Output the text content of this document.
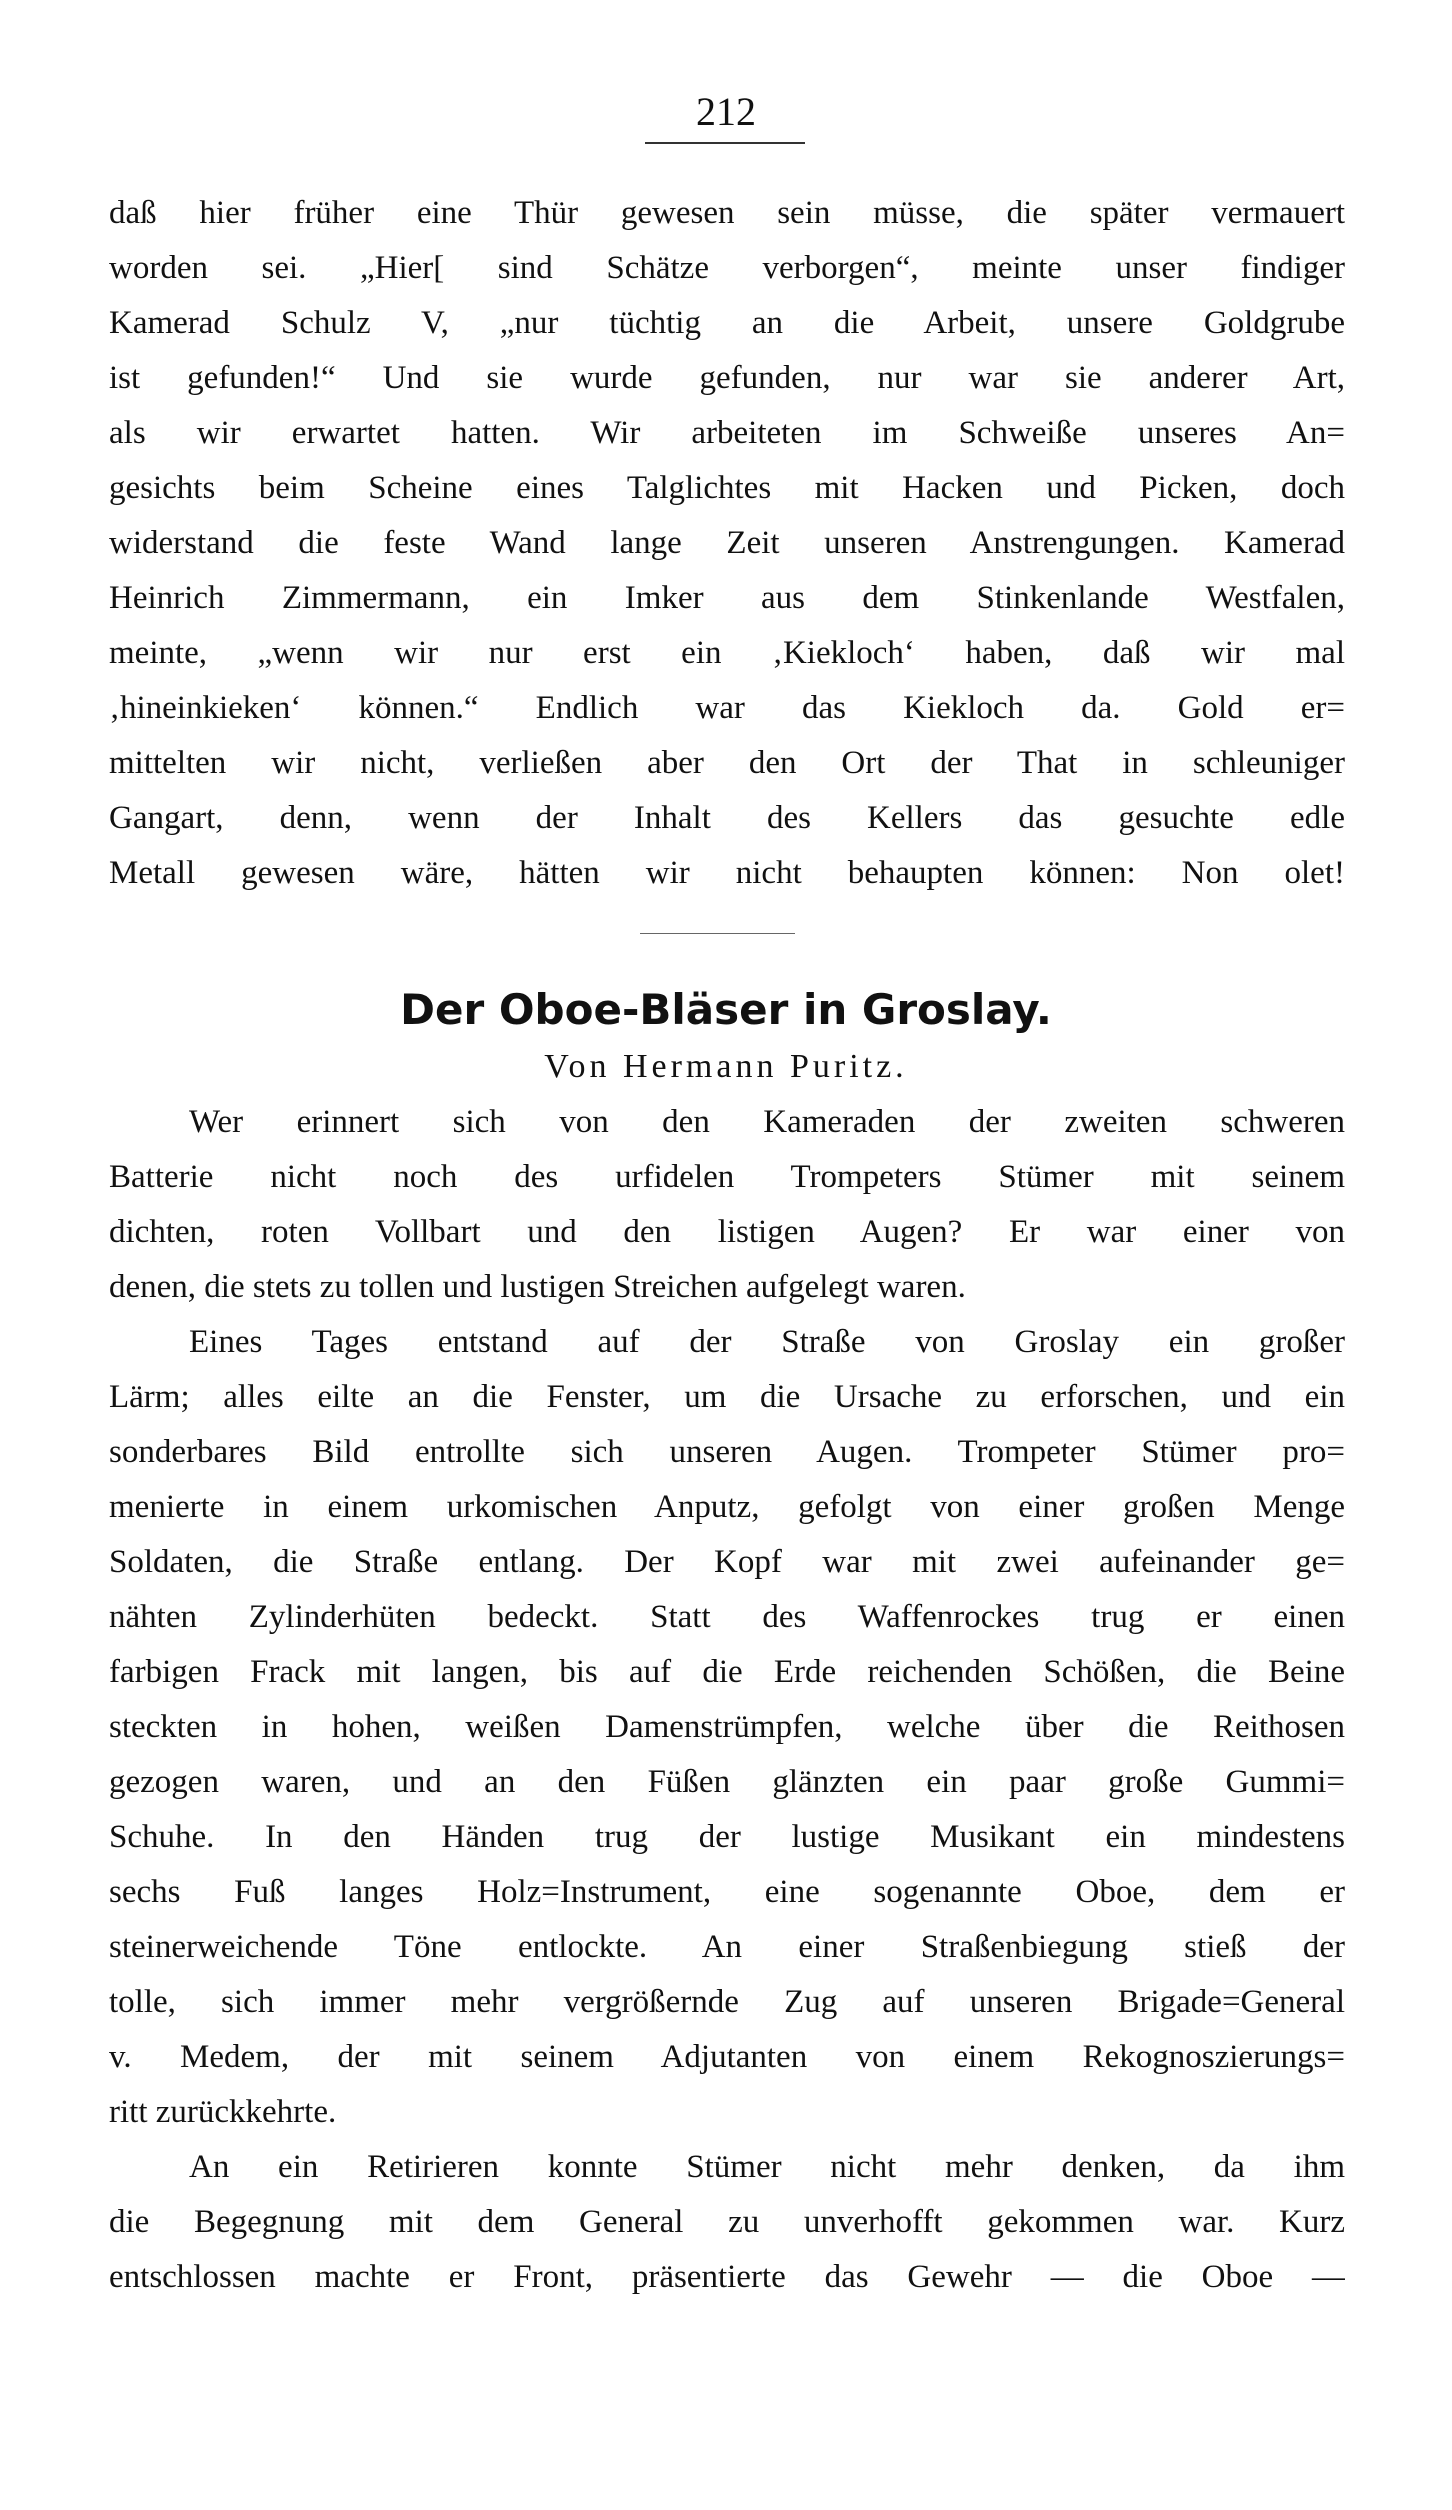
212
daß hier früher eine Thür gewesen sein müsse, die später vermauert
worden sei. „Hier[ sind Schätze verborgen“, meinte unser findiger
Kamerad Schulz V, „nur tüchtig an die Arbeit, unsere Goldgrube
ist gefunden!“ Und sie wurde gefunden, nur war sie anderer Art,
als wir erwartet hatten. Wir arbeiteten im Schweiße unseres An=
gesichts beim Scheine eines Talglichtes mit Hacken und Picken, doch
widerstand die feste Wand lange Zeit unseren Anstrengungen. Kamerad
Heinrich Zimmermann, ein Imker aus dem Stinkenlande Westfalen,
meinte, „wenn wir nur erst ein ‚Kiekloch‘ haben, daß wir mal
‚hineinkieken‘ können.“ Endlich war das Kiekloch da. Gold er=
mittelten wir nicht, verließen aber den Ort der That in schleuniger
Gangart, denn, wenn der Inhalt des Kellers das gesuchte edle
Metall gewesen wäre, hätten wir nicht behaupten können: Non olet!
Der Oboe-Bläser in Groslay.
Von Hermann Puritz.
Wer erinnert sich von den Kameraden der zweiten schweren
Batterie nicht noch des urfidelen Trompeters Stümer mit seinem
dichten, roten Vollbart und den listigen Augen? Er war einer von
denen, die stets zu tollen und lustigen Streichen aufgelegt waren.
Eines Tages entstand auf der Straße von Groslay ein großer
Lärm; alles eilte an die Fenster, um die Ursache zu erforschen, und ein
sonderbares Bild entrollte sich unseren Augen. Trompeter Stümer pro=
menierte in einem urkomischen Anputz, gefolgt von einer großen Menge
Soldaten, die Straße entlang. Der Kopf war mit zwei aufeinander ge=
nähten Zylinderhüten bedeckt. Statt des Waffenrockes trug er einen
farbigen Frack mit langen, bis auf die Erde reichenden Schößen, die Beine
steckten in hohen, weißen Damenstrümpfen, welche über die Reithosen
gezogen waren, und an den Füßen glänzten ein paar große Gummi=
Schuhe. In den Händen trug der lustige Musikant ein mindestens
sechs Fuß langes Holz=Instrument, eine sogenannte Oboe, dem er
steinerweichende Töne entlockte. An einer Straßenbiegung stieß der
tolle, sich immer mehr vergrößernde Zug auf unseren Brigade=General
v. Medem, der mit seinem Adjutanten von einem Rekognoszierungs=
ritt zurückkehrte.
An ein Retirieren konnte Stümer nicht mehr denken, da ihm
die Begegnung mit dem General zu unverhofft gekommen war. Kurz
entschlossen machte er Front, präsentierte das Gewehr — die Oboe —
